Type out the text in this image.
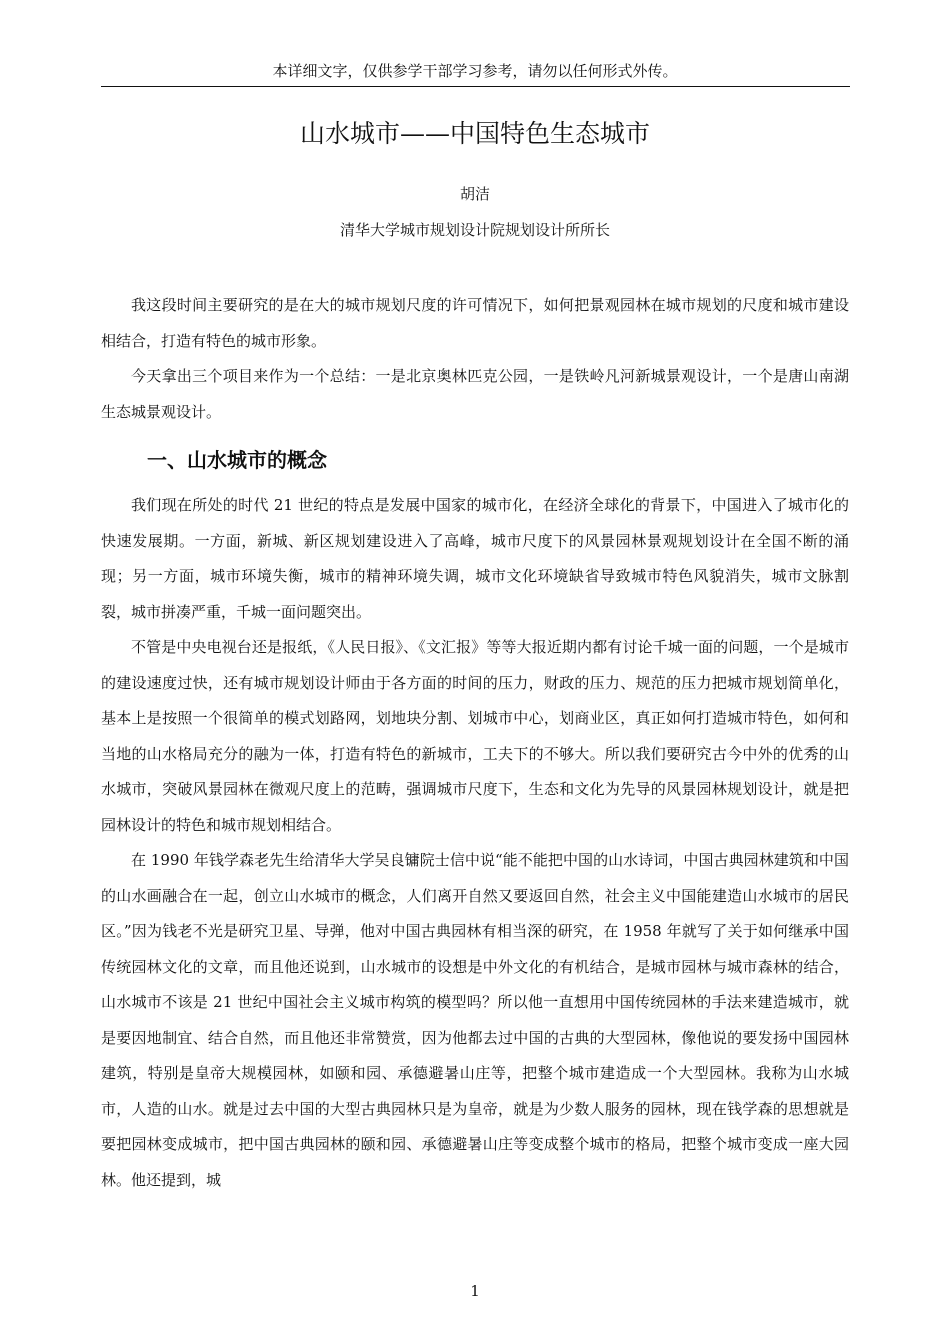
本详细文字，仅供参学干部学习参考，请勿以任何形式外传。
山水城市——中国特色生态城市
胡洁
清华大学城市规划设计院规划设计所所长

我这段时间主要研究的是在大的城市规划尺度的许可情况下，如何把景观园林在城市规划的尺度和城市建设相结合，打造有特色的城市形象。

今天拿出三个项目来作为一个总结：一是北京奥林匹克公园，一是铁岭凡河新城景观设计，一个是唐山南湖生态城景观设计。

一、山水城市的概念

我们现在所处的时代 21 世纪的特点是发展中国家的城市化，在经济全球化的背景下，中国进入了城市化的快速发展期。一方面，新城、新区规划建设进入了高峰，城市尺度下的风景园林景观规划设计在全国不断的涌现；另一方面，城市环境失衡，城市的精神环境失调，城市文化环境缺省导致城市特色风貌消失，城市文脉割裂，城市拼凑严重，千城一面问题突出。

不管是中央电视台还是报纸，《人民日报》、《文汇报》等等大报近期内都有讨论千城一面的问题，一个是城市的建设速度过快，还有城市规划设计师由于各方面的时间的压力，财政的压力、规范的压力把城市规划简单化，基本上是按照一个很简单的模式划路网，划地块分割、划城市中心，划商业区，真正如何打造城市特色，如何和当地的山水格局充分的融为一体，打造有特色的新城市，工夫下的不够大。所以我们要研究古今中外的优秀的山水城市，突破风景园林在微观尺度上的范畴，强调城市尺度下，生态和文化为先导的风景园林规划设计，就是把园林设计的特色和城市规划相结合。

在 1990 年钱学森老先生给清华大学吴良镛院士信中说“能不能把中国的山水诗词，中国古典园林建筑和中国的山水画融合在一起，创立山水城市的概念，人们离开自然又要返回自然，社会主义中国能建造山水城市的居民区。”因为钱老不光是研究卫星、导弹，他对中国古典园林有相当深的研究，在 1958 年就写了关于如何继承中国传统园林文化的文章，而且他还说到，山水城市的设想是中外文化的有机结合，是城市园林与城市森林的结合，山水城市不该是 21 世纪中国社会主义城市构筑的模型吗？所以他一直想用中国传统园林的手法来建造城市，就是要因地制宜、结合自然，而且他还非常赞赏，因为他都去过中国的古典的大型园林，像他说的要发扬中国园林建筑，特别是皇帝大规模园林，如颐和园、承德避暑山庄等，把整个城市建造成一个大型园林。我称为山水城市，人造的山水。就是过去中国的大型古典园林只是为皇帝，就是为少数人服务的园林，现在钱学森的思想就是要把园林变成城市，把中国古典园林的颐和园、承德避暑山庄等变成整个城市的格局，把整个城市变成一座大园林。他还提到，城

1
